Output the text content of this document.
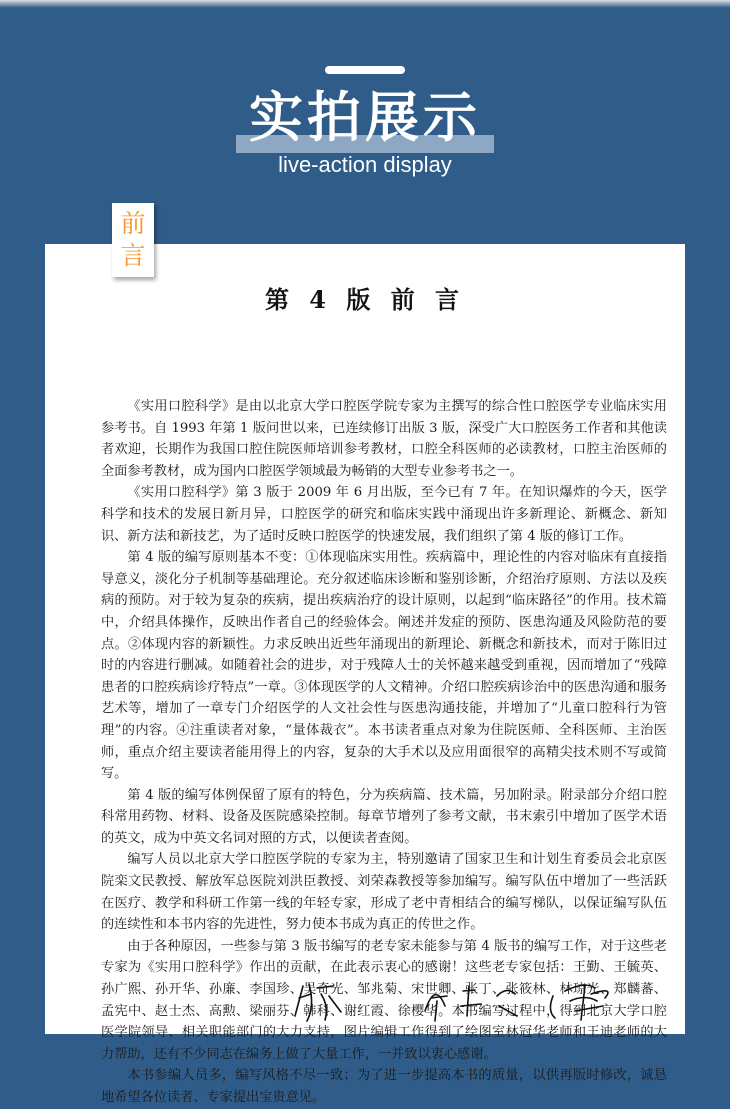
实拍展示
live-action display
前
言
第 4 版 前 言

《实用口腔科学》是由以北京大学口腔医学院专家为主撰写的综合性口腔医学专业临床实用参考书。自 1993 年第 1 版问世以来，已连续修订出版 3 版，深受广大口腔医务工作者和其他读者欢迎，长期作为我国口腔住院医师培训参考教材，口腔全科医师的必读教材，口腔主治医师的全面参考教材，成为国内口腔医学领域最为畅销的大型专业参考书之一。

《实用口腔科学》第 3 版于 2009 年 6 月出版，至今已有 7 年。在知识爆炸的今天，医学科学和技术的发展日新月异，口腔医学的研究和临床实践中涌现出许多新理论、新概念、新知识、新方法和新技艺，为了适时反映口腔医学的快速发展，我们组织了第 4 版的修订工作。

第 4 版的编写原则基本不变：①体现临床实用性。疾病篇中，理论性的内容对临床有直接指导意义，淡化分子机制等基础理论。充分叙述临床诊断和鉴别诊断，介绍治疗原则、方法以及疾病的预防。对于较为复杂的疾病，提出疾病治疗的设计原则，以起到“临床路径”的作用。技术篇中，介绍具体操作，反映出作者自己的经验体会。阐述并发症的预防、医患沟通及风险防范的要点。②体现内容的新颖性。力求反映出近些年涌现出的新理论、新概念和新技术，而对于陈旧过时的内容进行删减。如随着社会的进步，对于残障人士的关怀越来越受到重视，因而增加了“残障患者的口腔疾病诊疗特点”一章。③体现医学的人文精神。介绍口腔疾病诊治中的医患沟通和服务艺术等，增加了一章专门介绍医学的人文社会性与医患沟通技能，并增加了“儿童口腔科行为管理”的内容。④注重读者对象，“量体裁衣”。本书读者重点对象为住院医师、全科医师、主治医师，重点介绍主要读者能用得上的内容，复杂的大手术以及应用面很窄的高精尖技术则不写或简写。

第 4 版的编写体例保留了原有的特色，分为疾病篇、技术篇，另加附录。附录部分介绍口腔科常用药物、材料、设备及医院感染控制。每章节增列了参考文献，书末索引中增加了医学术语的英文，成为中英文名词对照的方式，以便读者查阅。

编写人员以北京大学口腔医学院的专家为主，特别邀请了国家卫生和计划生育委员会北京医院栾文民教授、解放军总医院刘洪臣教授、刘荣森教授等参加编写。编写队伍中增加了一些活跃在医疗、教学和科研工作第一线的年轻专家，形成了老中青相结合的编写梯队，以保证编写队伍的连续性和本书内容的先进性，努力使本书成为真正的传世之作。

由于各种原因，一些参与第 3 版书编写的老专家未能参与第 4 版书的编写工作，对于这些老专家为《实用口腔科学》作出的贡献，在此表示衷心的感谢！这些老专家包括：王勤、王毓英、孙广熙、孙开华、孙廉、李国珍、吴奇光、邹兆菊、宋世卿、张丁、张筱林、林琼光、郑麟蕃、孟宪中、赵士杰、高勲、梁丽芬、韩科、谢红霞、徐樱华。本书编写过程中，得到北京大学口腔医学院领导、相关职能部门的大力支持，图片编辑工作得到了绘图室林冠华老师和王迪老师的大力帮助，还有不少同志在编务上做了大量工作，一并致以衷心感谢。

本书参编人员多，编写风格不尽一致；为了进一步提高本书的质量，以供再版时修改，诚恳地希望各位读者、专家提出宝贵意见。
